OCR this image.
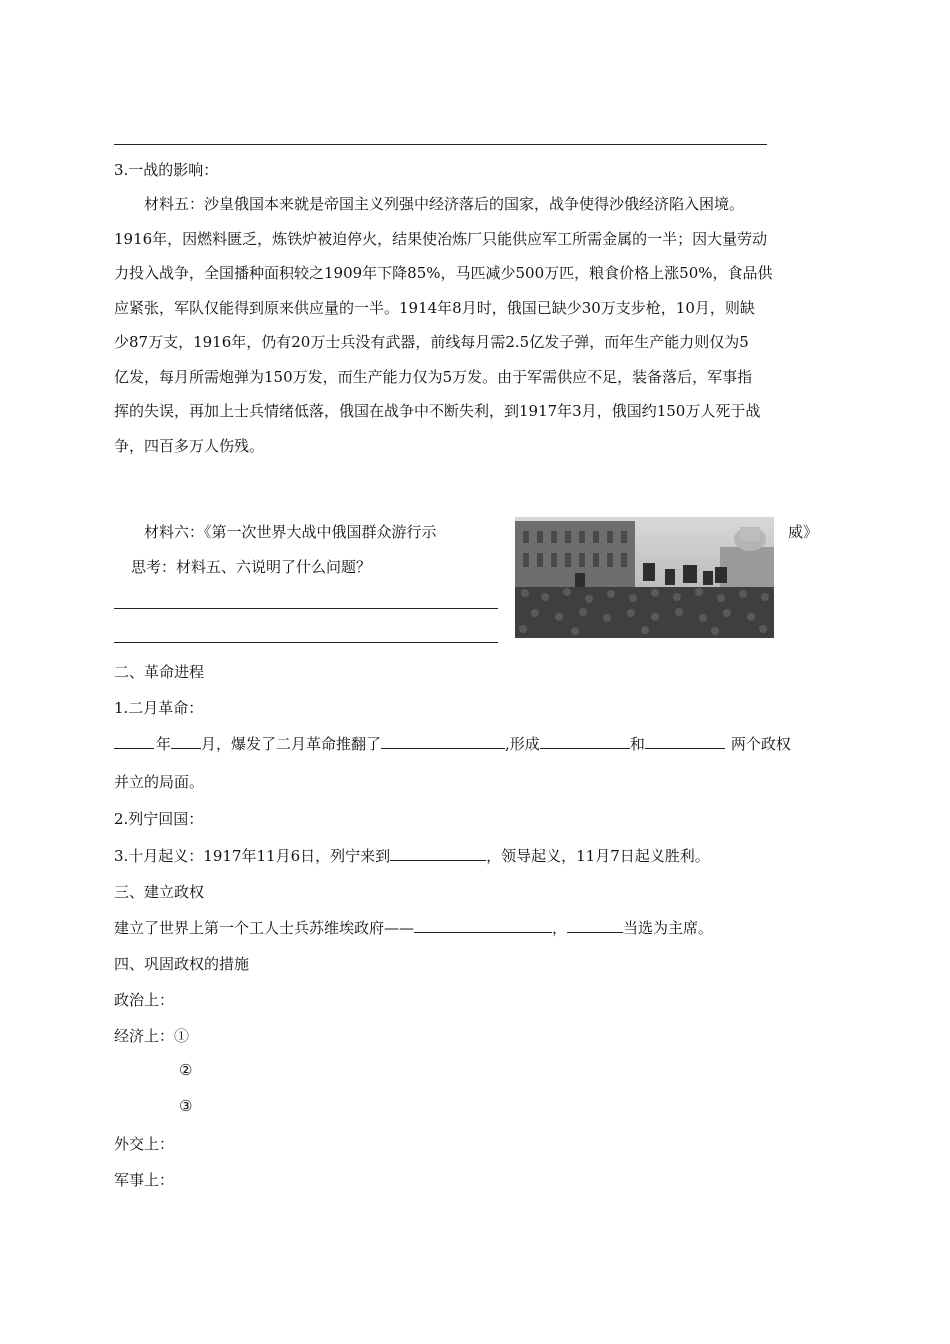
3.一战的影响：
材料五：沙皇俄国本来就是帝国主义列强中经济落后的国家，战争使得沙俄经济陷入困境。
1916年，因燃料匮乏，炼铁炉被迫停火，结果使冶炼厂只能供应军工所需金属的一半；因大量劳动
力投入战争，全国播种面积较之1909年下降85%，马匹减少500万匹，粮食价格上涨50%，食品供
应紧张，军队仅能得到原来供应量的一半。1914年8月时，俄国已缺少30万支步枪，10月，则缺
少87万支，1916年，仍有20万士兵没有武器，前线每月需2.5亿发子弹，而年生产能力则仅为5
亿发，每月所需炮弹为150万发，而生产能力仅为5万发。由于军需供应不足，装备落后，军事指
挥的失误，再加上士兵情绪低落，俄国在战争中不断失利，到1917年3月，俄国约150万人死于战
争，四百多万人伤残。
材料六：《第一次世界大战中俄国群众游行示	威》
思考：材料五、六说明了什么问题？
二、革命进程
1.二月革命：
年 月，爆发了二月革命推翻了	,形成	和	两个政权
并立的局面。
2.列宁回国：
3.十月起义：1917年11月6日，列宁来到	，领导起义，11月7日起义胜利。
三、建立政权
建立了世界上第一个工人士兵苏维埃政府——	，	当选为主席。
四、巩固政权的措施
政治上：
经济上：①
②
③
外交上：
军事上：
